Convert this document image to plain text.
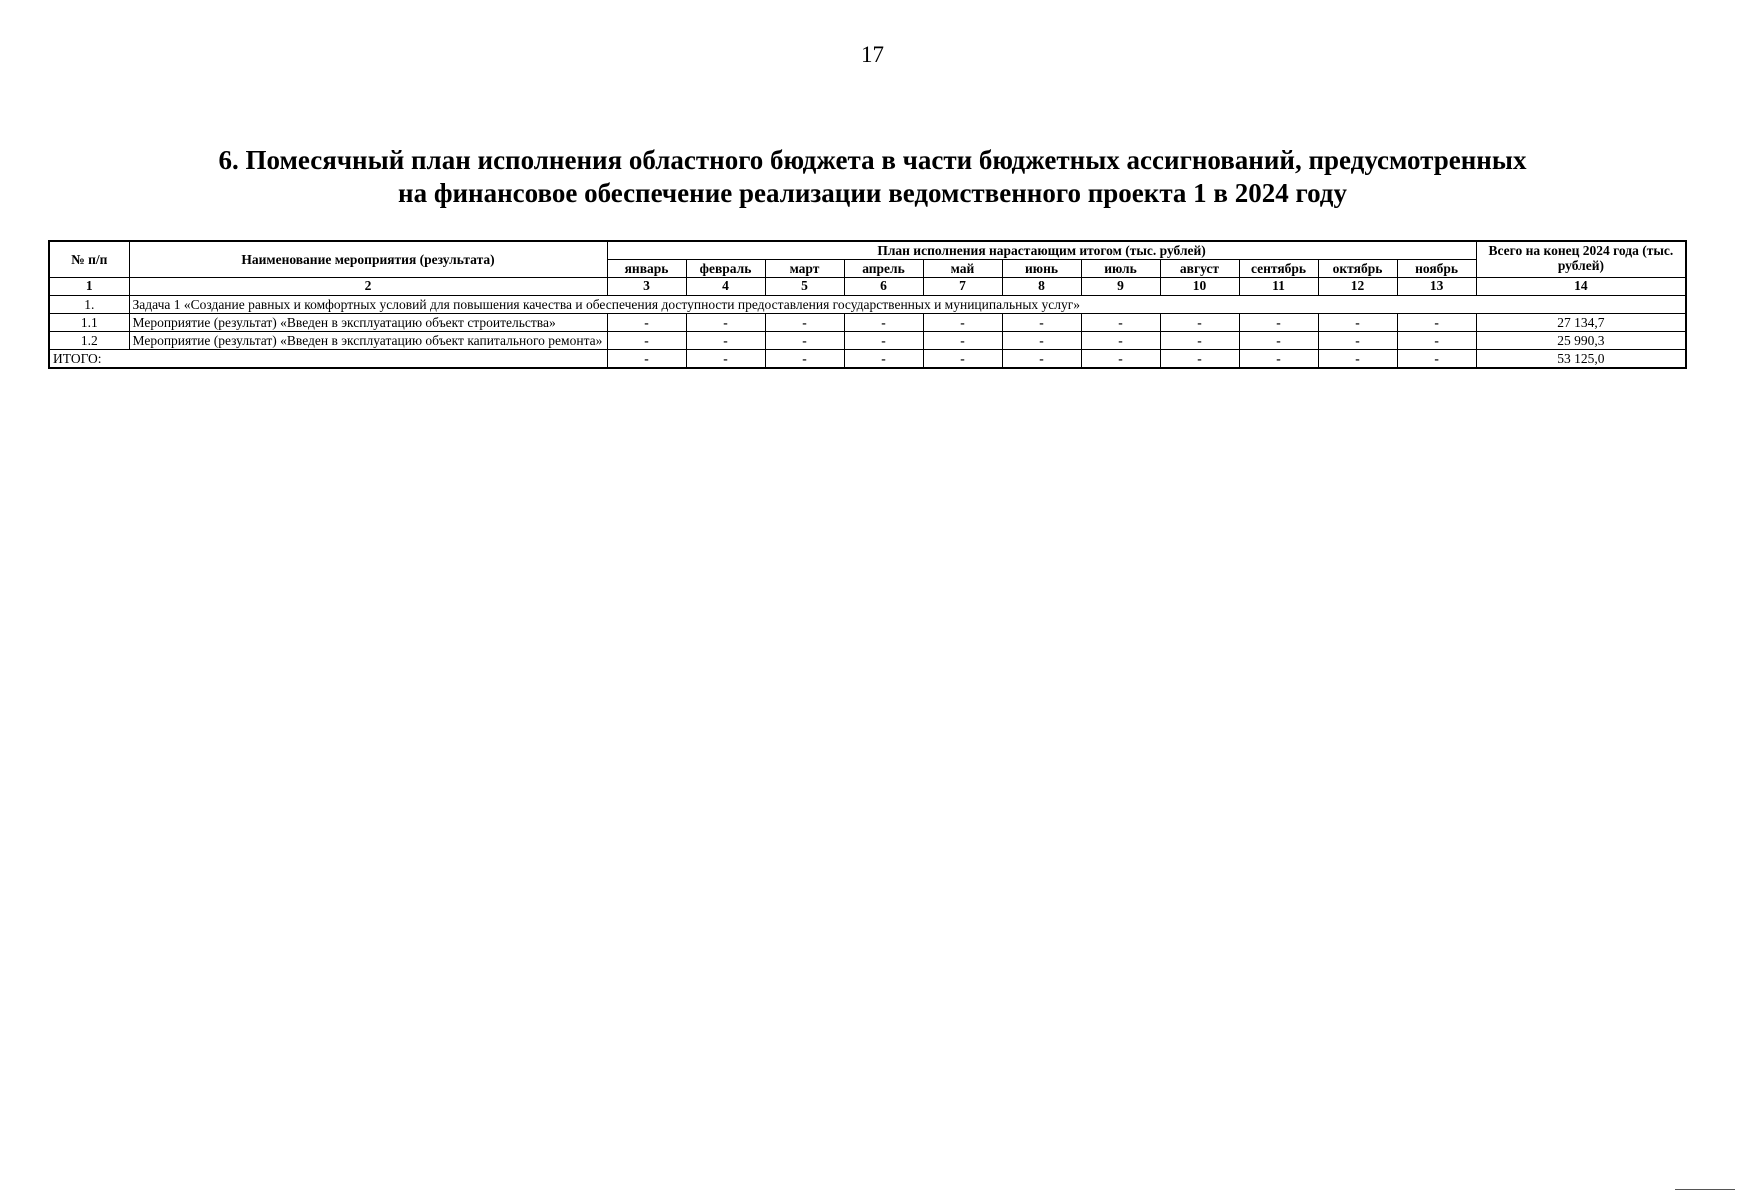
17
6. Помесячный план исполнения областного бюджета в части бюджетных ассигнований, предусмотренных
на финансовое обеспечение реализации ведомственного проекта 1 в 2024 году
№ п/п	Наименование мероприятия (результата)	План исполнения нарастающим итогом (тыс. рублей)											Всего на конец 2024 года (тыс. рублей)
		январь	февраль	март	апрель	май	июнь	июль	август	сентябрь	октябрь	ноябрь	
1	2	3	4	5	6	7	8	9	10	11	12	13	14
1.	Задача 1 «Создание равных и комфортных условий для повышения качества и обеспечения доступности предоставления государственных и муниципальных услуг»												
1.1	Мероприятие (результат) «Введен в эксплуатацию объект строительства»	-	-	-	-	-	-	-	-	-	-	-	27 134,7
1.2	Мероприятие (результат) «Введен в эксплуатацию объект капитального ремонта»	-	-	-	-	-	-	-	-	-	-	-	25 990,3
ИТОГО:		-	-	-	-	-	-	-	-	-	-	-	53 125,0
